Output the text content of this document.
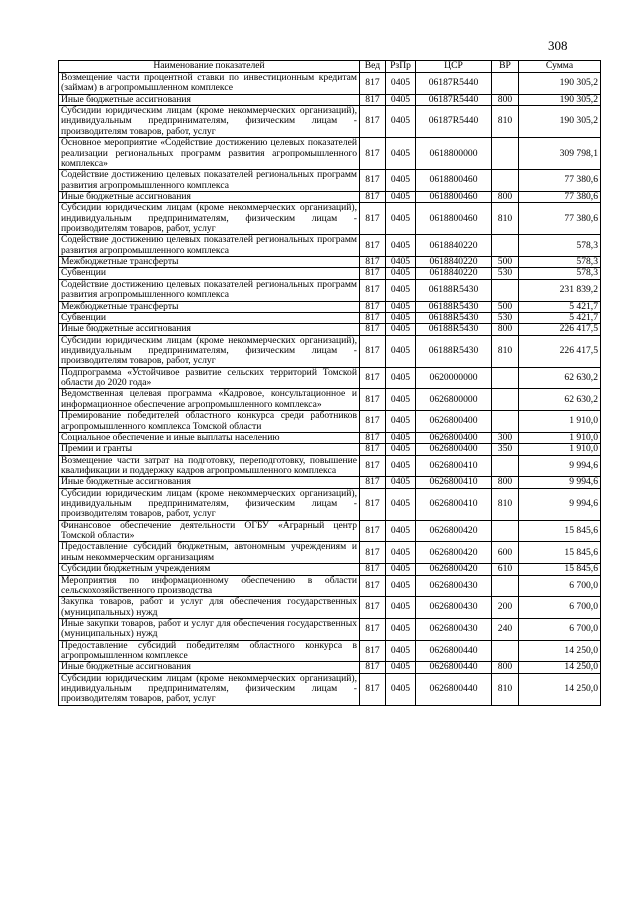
308
Наименование показателей	Вед	РзПр	ЦСР	ВР	Сумма
Возмещение части процентной ставки по инвестиционным кредитам (займам) в агропромышленном комплексе	817	0405	06187R5440		190 305,2
Иные бюджетные ассигнования	817	0405	06187R5440	800	190 305,2
Субсидии юридическим лицам (кроме некоммерческих организаций), индивидуальным предпринимателям, физическим лицам - производителям товаров, работ, услуг	817	0405	06187R5440	810	190 305,2
Основное мероприятие «Содействие достижению целевых показателей реализации региональных программ развития агропромышленного комплекса»	817	0405	0618800000		309 798,1
Содействие достижению целевых показателей региональных программ развития агропромышленного комплекса	817	0405	0618800460		77 380,6
Иные бюджетные ассигнования	817	0405	0618800460	800	77 380,6
Субсидии юридическим лицам (кроме некоммерческих организаций), индивидуальным предпринимателям, физическим лицам - производителям товаров, работ, услуг	817	0405	0618800460	810	77 380,6
Содействие достижению целевых показателей региональных программ развития агропромышленного комплекса	817	0405	0618840220		578,3
Межбюджетные трансферты	817	0405	0618840220	500	578,3
Субвенции	817	0405	0618840220	530	578,3
Содействие достижению целевых показателей региональных программ развития агропромышленного комплекса	817	0405	06188R5430		231 839,2
Межбюджетные трансферты	817	0405	06188R5430	500	5 421,7
Субвенции	817	0405	06188R5430	530	5 421,7
Иные бюджетные ассигнования	817	0405	06188R5430	800	226 417,5
Субсидии юридическим лицам (кроме некоммерческих организаций), индивидуальным предпринимателям, физическим лицам - производителям товаров, работ, услуг	817	0405	06188R5430	810	226 417,5
Подпрограмма «Устойчивое развитие сельских территорий Томской области до 2020 года»	817	0405	0620000000		62 630,2
Ведомственная целевая программа «Кадровое, консультационное и информационное обеспечение агропромышленного комплекса»	817	0405	0626800000		62 630,2
Премирование победителей областного конкурса среди работников агропромышленного комплекса Томской области	817	0405	0626800400		1 910,0
Социальное обеспечение и иные выплаты населению	817	0405	0626800400	300	1 910,0
Премии и гранты	817	0405	0626800400	350	1 910,0
Возмещение части затрат на подготовку, переподготовку, повышение квалификации и поддержку кадров агропромышленного комплекса	817	0405	0626800410		9 994,6
Иные бюджетные ассигнования	817	0405	0626800410	800	9 994,6
Субсидии юридическим лицам (кроме некоммерческих организаций), индивидуальным предпринимателям, физическим лицам - производителям товаров, работ, услуг	817	0405	0626800410	810	9 994,6
Финансовое обеспечение деятельности ОГБУ «Аграрный центр Томской области»	817	0405	0626800420		15 845,6
Предоставление субсидий бюджетным, автономным учреждениям и иным некоммерческим организациям	817	0405	0626800420	600	15 845,6
Субсидии бюджетным учреждениям	817	0405	0626800420	610	15 845,6
Мероприятия по информационному обеспечению в области сельскохозяйственного производства	817	0405	0626800430		6 700,0
Закупка товаров, работ и услуг для обеспечения государственных (муниципальных) нужд	817	0405	0626800430	200	6 700,0
Иные закупки товаров, работ и услуг для обеспечения государственных (муниципальных) нужд	817	0405	0626800430	240	6 700,0
Предоставление субсидий победителям областного конкурса в агропромышленном комплексе	817	0405	0626800440		14 250,0
Иные бюджетные ассигнования	817	0405	0626800440	800	14 250,0
Субсидии юридическим лицам (кроме некоммерческих организаций), индивидуальным предпринимателям, физическим лицам - производителям товаров, работ, услуг	817	0405	0626800440	810	14 250,0
